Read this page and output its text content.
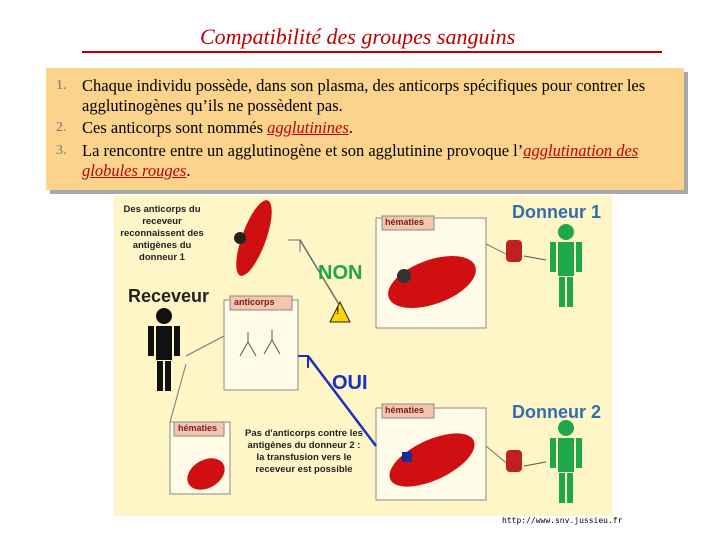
Compatibilité des groupes sanguins
1. Chaque individu possède, dans son plasma, des anticorps spécifiques pour contrer les agglutinogènes qu’ils ne possèdent pas.
2. Ces anticorps sont nommés agglutinines.
3. La rencontre entre un agglutinogène et son agglutinine provoque l’agglutination des globules rouges.
Des anticorps du receveur reconnaissent des antigènes du donneur 1
Receveur
Donneur 1
Donneur 2
NON
OUI
!
hématies
hématies
hématies
anticorps
Pas d'anticorps contre les antigènes du donneur 2 : la transfusion vers le receveur est possible
http://www.snv.jussieu.fr
